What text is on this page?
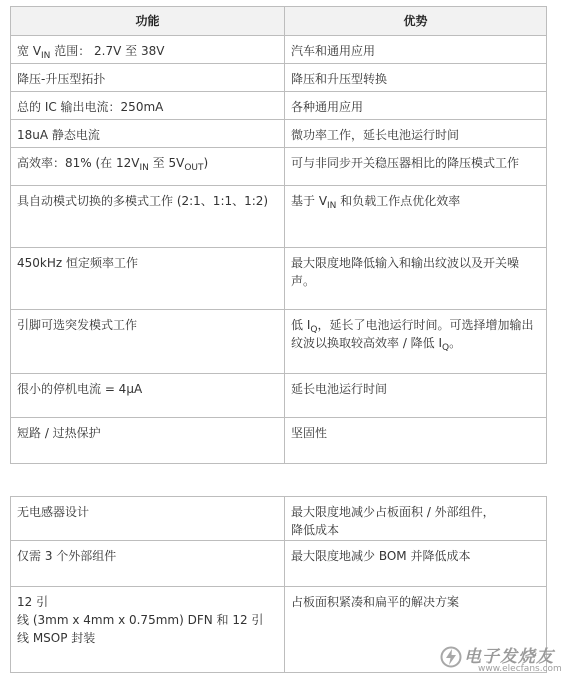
功能	优势
宽 $V_{IN}$ 范围： 2.7V 至 38V	汽车和通用应用
降压-升压型拓扑	降压和升压型转换
总的 IC 输出电流：250mA	各种通用应用
18uA 静态电流	微功率工作，延长电池运行时间
高效率：81% (在 $12V_{IN}$ 至 $5V_{OUT}$)	可与非同步开关稳压器相比的降压模式工作
具自动模式切换的多模式工作 (2:1、1:1、1:2)	基于 $V_{IN}$ 和负载工作点优化效率
450kHz 恒定频率工作	最大限度地降低输入和输出纹波以及开关噪声。
引脚可选突发模式工作	低 $I_Q$，延长了电池运行时间。可选择增加输出纹波以换取较高效率 / 降低 $I_Q$。
很小的停机电流 = 4μA	延长电池运行时间
短路 / 过热保护	坚固性
无电感器设计	最大限度地减少占板面积 / 外部组件，
降低成本
仅需 3 个外部组件	最大限度地减少 BOM 并降低成本
12 引
线 (3mm x 4mm x 0.75mm) DFN 和 12 引
线 MSOP 封装	占板面积紧凑和扁平的解决方案
电子发烧友
www.elecfans.com
